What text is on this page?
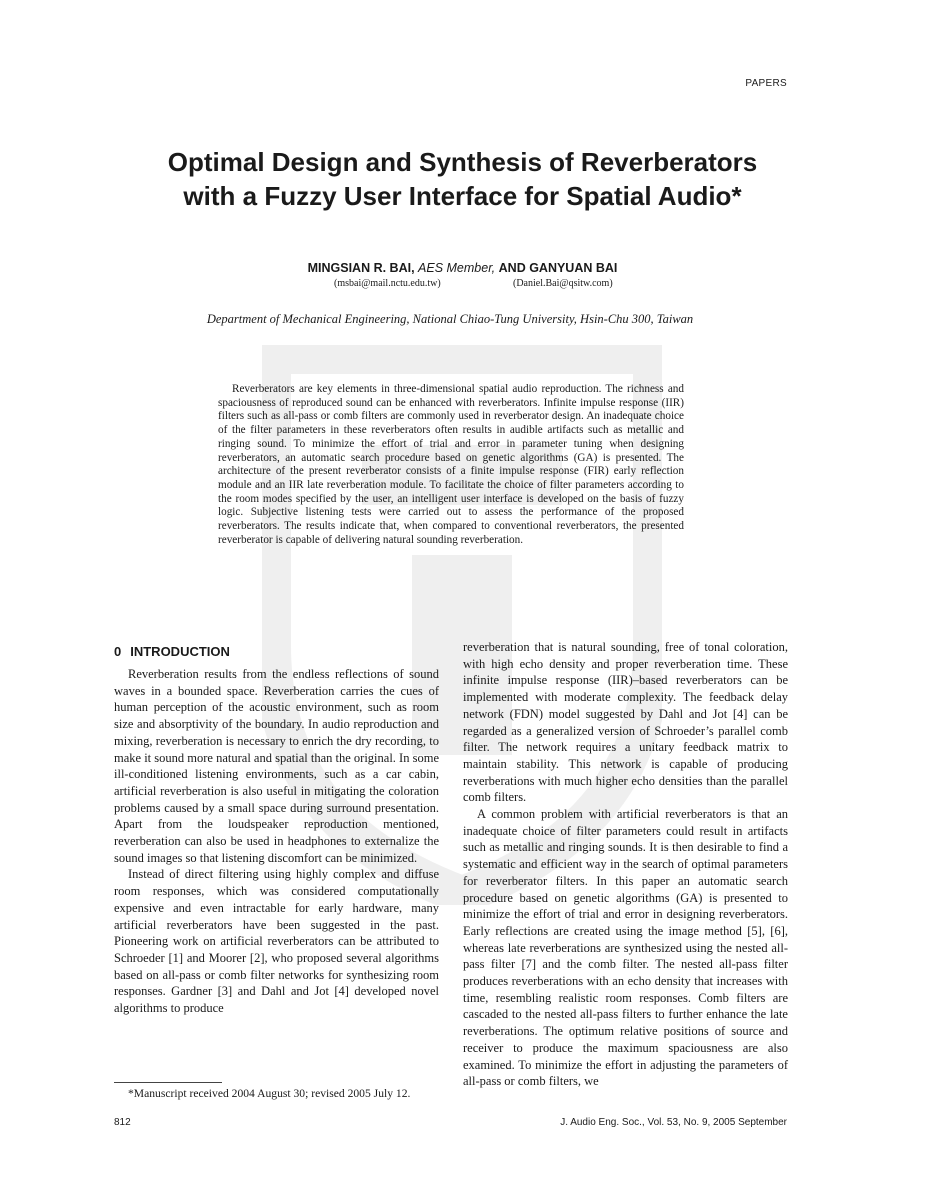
PAPERS
Optimal Design and Synthesis of Reverberators
with a Fuzzy User Interface for Spatial Audio*
MINGSIAN R. BAI, AES Member, AND GANYUAN BAI
(msbai@mail.nctu.edu.tw)	(Daniel.Bai@qsitw.com)
Department of Mechanical Engineering, National Chiao-Tung University, Hsin-Chu 300, Taiwan
Reverberators are key elements in three-dimensional spatial audio reproduction. The richness and spaciousness of reproduced sound can be enhanced with reverberators. Infinite impulse response (IIR) filters such as all-pass or comb filters are commonly used in reverberator design. An inadequate choice of the filter parameters in these reverberators often results in audible artifacts such as metallic and ringing sound. To minimize the effort of trial and error in parameter tuning when designing reverberators, an automatic search procedure based on genetic algorithms (GA) is presented. The architecture of the present reverberator consists of a finite impulse response (FIR) early reflection module and an IIR late reverberation module. To facilitate the choice of filter parameters according to the room modes specified by the user, an intelligent user interface is developed on the basis of fuzzy logic. Subjective listening tests were carried out to assess the performance of the proposed reverberators. The results indicate that, when compared to conventional reverberators, the presented reverberator is capable of delivering natural sounding reverberation.
0 INTRODUCTION

Reverberation results from the endless reflections of sound waves in a bounded space. Reverberation carries the cues of human perception of the acoustic environment, such as room size and absorptivity of the boundary. In audio reproduction and mixing, reverberation is necessary to enrich the dry recording, to make it sound more natural and spatial than the original. In some ill-conditioned listening environments, such as a car cabin, artificial reverberation is also useful in mitigating the coloration problems caused by a small space during surround presentation. Apart from the loudspeaker reproduction mentioned, reverberation can also be used in headphones to externalize the sound images so that listening discomfort can be minimized.

Instead of direct filtering using highly complex and diffuse room responses, which was considered computationally expensive and even intractable for early hardware, many artificial reverberators have been suggested in the past. Pioneering work on artificial reverberators can be attributed to Schroeder [1] and Moorer [2], who proposed several algorithms based on all-pass or comb filter networks for synthesizing room responses. Gardner [3] and Dahl and Jot [4] developed novel algorithms to produce

reverberation that is natural sounding, free of tonal coloration, with high echo density and proper reverberation time. These infinite impulse response (IIR)–based reverberators can be implemented with moderate complexity. The feedback delay network (FDN) model suggested by Dahl and Jot [4] can be regarded as a generalized version of Schroeder’s parallel comb filter. The network requires a unitary feedback matrix to maintain stability. This network is capable of producing reverberations with much higher echo densities than the parallel comb filters.

A common problem with artificial reverberators is that an inadequate choice of filter parameters could result in artifacts such as metallic and ringing sounds. It is then desirable to find a systematic and efficient way in the search of optimal parameters for reverberator filters. In this paper an automatic search procedure based on genetic algorithms (GA) is presented to minimize the effort of trial and error in designing reverberators. Early reflections are created using the image method [5], [6], whereas late reverberations are synthesized using the nested all-pass filter [7] and the comb filter. The nested all-pass filter produces reverberations with an echo density that increases with time, resembling realistic room responses. Comb filters are cascaded to the nested all-pass filters to further enhance the late reverberations. The optimum relative positions of source and receiver to produce the maximum spaciousness are also examined. To minimize the effort in adjusting the parameters of all-pass or comb filters, we

*Manuscript received 2004 August 30; revised 2005 July 12.
812	J. Audio Eng. Soc., Vol. 53, No. 9, 2005 September
